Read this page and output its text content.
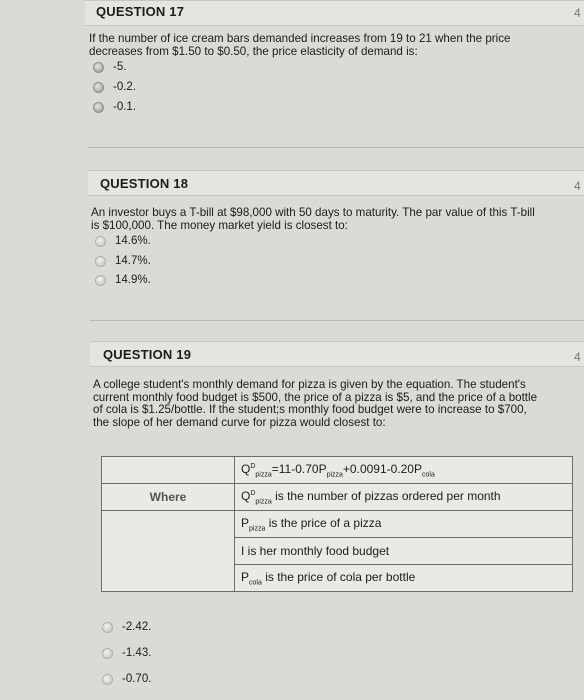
QUESTION 17	4
If the number of ice cream bars demanded increases from 19 to 21 when the price
decreases from $1.50 to $0.50, the price elasticity of demand is:
-5.
-0.2.
-0.1.
QUESTION 18	4
An investor buys a T-bill at $98,000 with 50 days to maturity. The par value of this T-bill
is $100,000. The money market yield is closest to:
14.6%.
14.7%.
14.9%.
QUESTION 19	4
A college student's monthly demand for pizza is given by the equation. The student's
current monthly food budget is $500, the price of a pizza is $5, and the price of a bottle
of cola is $1.25/bottle. If the student;s monthly food budget were to increase to $700,
the slope of her demand curve for pizza would closest to:
	$Q^D_{pizza}=11-0.70P_{pizza}+0.0091-0.20P_{cola}$
Where	$Q^D_{pizza}$ is the number of pizzas ordered per month
	$P_{pizza}$ is the price of a pizza
	I is her monthly food budget
	$P_{cola}$ is the price of cola per bottle
-2.42.
-1.43.
-0.70.
